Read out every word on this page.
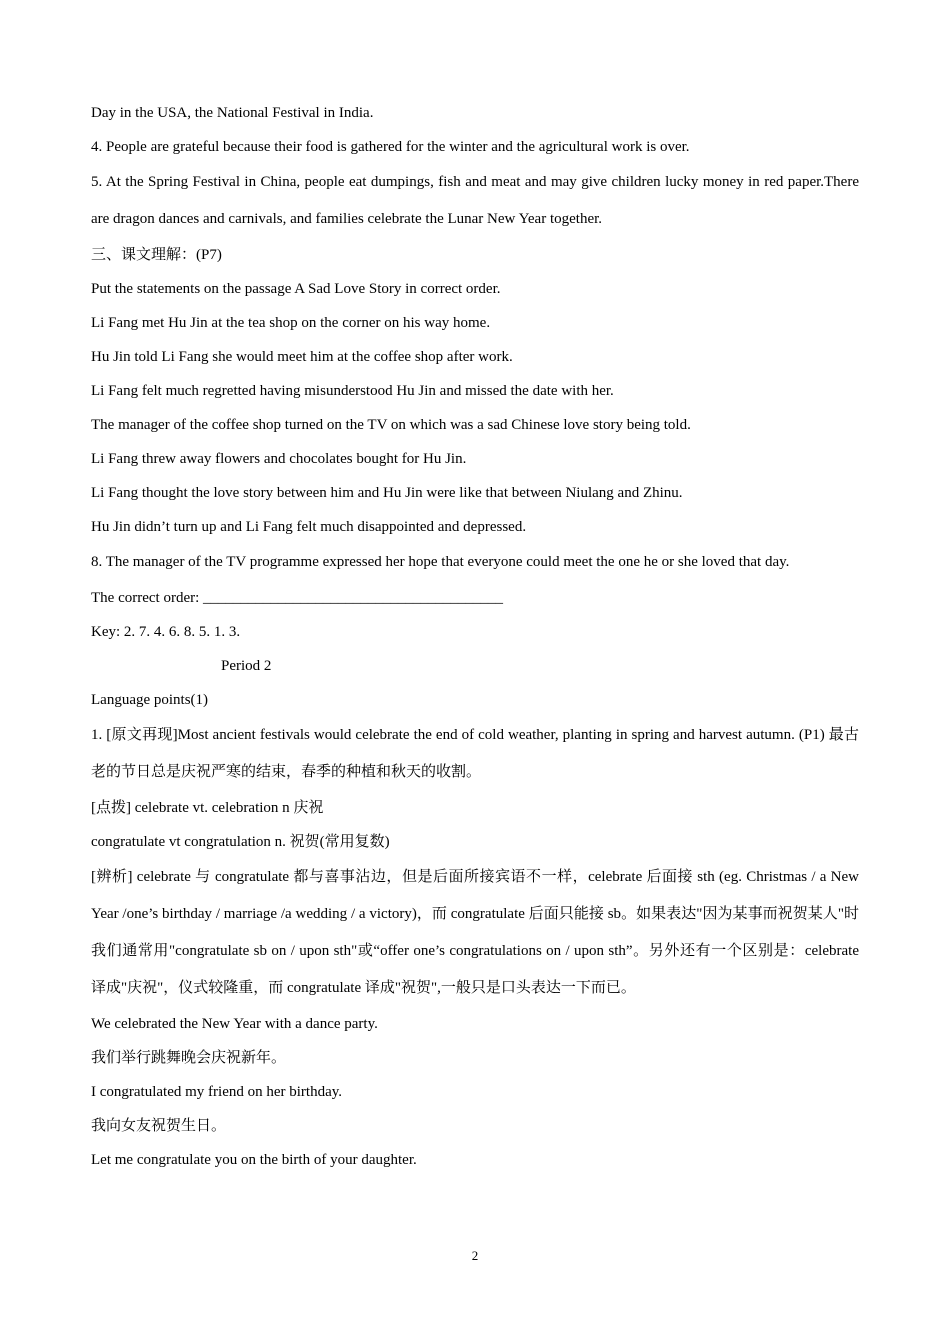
Day in the USA, the National Festival in India.

4. People are grateful because their food is gathered for the winter and the agricultural work is over.

5. At the Spring Festival in China, people eat dumpings, fish and meat and may give children lucky money in red paper.There are dragon dances and carnivals, and families celebrate the Lunar New Year together.

三、课文理解：(P7)

Put the statements on the passage A Sad Love Story in correct order.

Li Fang met Hu Jin at the tea shop on the corner on his way home.

Hu Jin told Li Fang she would meet him at the coffee shop after work.

Li Fang felt much regretted having misunderstood Hu Jin and missed the date with her.

The manager of the coffee shop turned on the TV on which was a sad Chinese love story being told.

Li Fang threw away flowers and chocolates bought for Hu Jin.

Li Fang thought the love story between him and Hu Jin were like that between Niulang and Zhinu.

Hu Jin didn’t turn up and Li Fang felt much disappointed and depressed.

8. The manager of the TV programme expressed her hope that everyone could meet the one he or she loved that day.

The correct order: ________________________________________

Key: 2. 7. 4. 6. 8. 5. 1. 3.

Period 2

Language points(1)

1. [原文再现]Most ancient festivals would celebrate the end of cold weather, planting in spring and harvest autumn. (P1) 最古老的节日总是庆祝严寒的结束，春季的种植和秋天的收割。

[点拨] celebrate vt. celebration n 庆祝

congratulate vt congratulation n. 祝贺(常用复数)

[辨析] celebrate 与 congratulate 都与喜事沾边，但是后面所接宾语不一样，celebrate 后面接 sth (eg. Christmas / a New Year /one’s birthday / marriage /a wedding / a victory)，而 congratulate 后面只能接 sb。如果表达"因为某事而祝贺某人"时我们通常用"congratulate sb on / upon sth"或“offer one’s congratulations on / upon sth”。另外还有一个区别是：celebrate 译成"庆祝"，仪式较隆重，而 congratulate 译成"祝贺",一般只是口头表达一下而已。

We celebrated the New Year with a dance party.

我们举行跳舞晚会庆祝新年。

I congratulated my friend on her birthday.

我向女友祝贺生日。

Let me congratulate you on the birth of your daughter.

2
